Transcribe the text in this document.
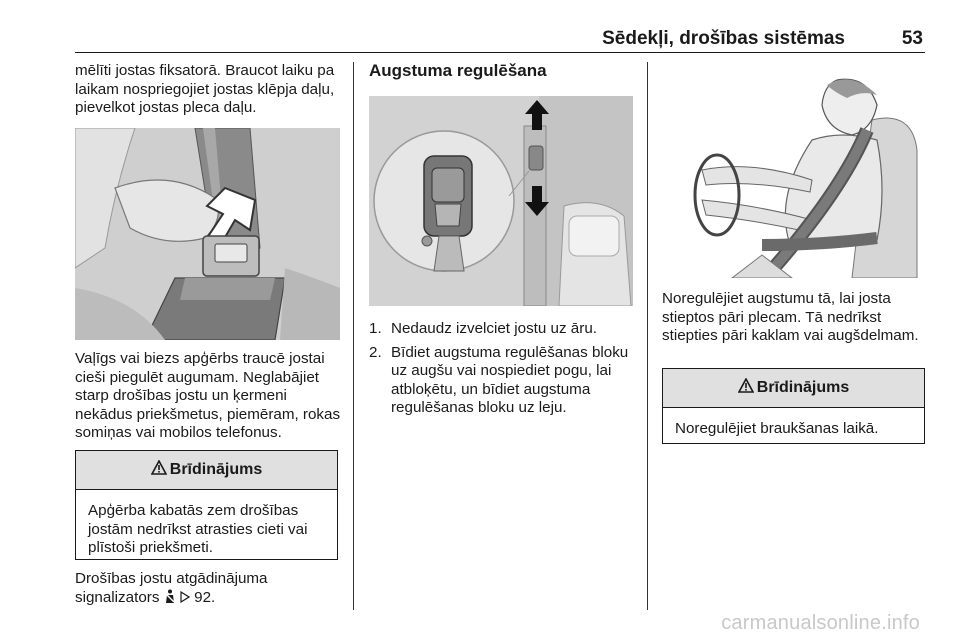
Sēdekļi, drošības sistēmas	53

mēlīti jostas fiksatorā. Braucot laiku pa laikam nospriegojiet jostas klēpja daļu, pievelkot jostas pleca daļu.

Vaļīgs vai biezs apģērbs traucē jostai cieši piegulēt augumam. Neglabājiet starp drošības jostu un ķermeni nekādus priekšmetus, piemēram, rokas somiņas vai mobilos telefonus.

Brīdinājums
Apģērba kabatās zem drošības jostām nedrīkst atrasties cieti vai plīstoši priekšmeti.

Drošības jostu atgādinājuma signalizators 92.

Augstuma regulēšana
1. Nedaudz izvelciet jostu uz āru.
2. Bīdiet augstuma regulēšanas bloku uz augšu vai nospiediet pogu, lai atbloķētu, un bīdiet augstuma regulēšanas bloku uz leju.

Noregulējiet augstumu tā, lai josta stieptos pāri plecam. Tā nedrīkst stiepties pāri kaklam vai augšdelmam.

Brīdinājums
Noregulējiet braukšanas laikā.
carmanualsonline.info
